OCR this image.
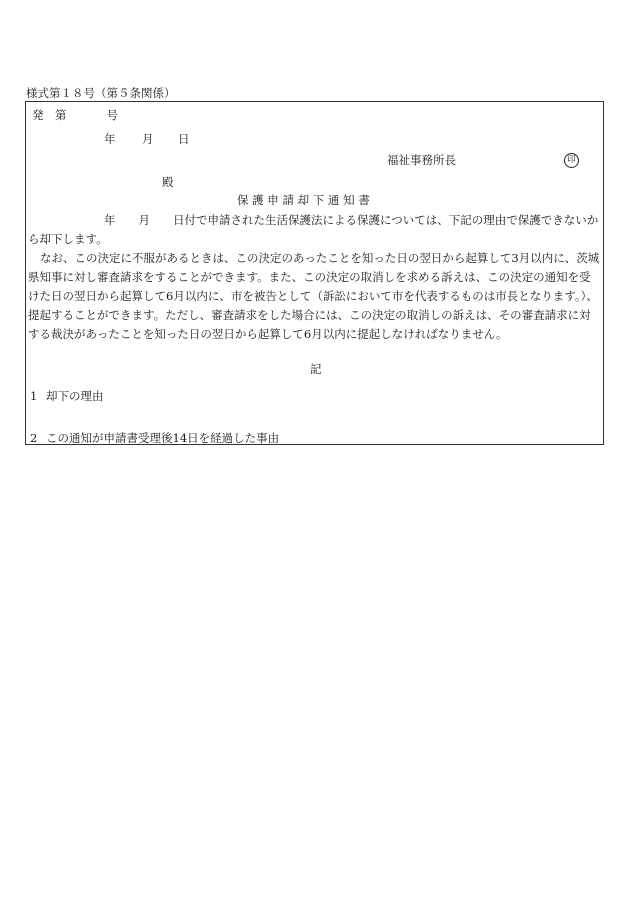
様式第１８号（第５条関係）
発　第	号
年 月 日
福祉事務所長	印
殿
保 護 申 請 却 下 通 知 書

年　　月　　日付で申請された生活保護法による保護については、下記の理由で保護できないから却下します。

なお、この決定に不服があるときは、この決定のあったことを知った日の翌日から起算して3月以内に、茨城県知事に対し審査請求をすることができます。また、この決定の取消しを求める訴えは、この決定の通知を受けた日の翌日から起算して6月以内に、市を被告として（訴訟において市を代表するものは市長となります。）、提起することができます。ただし、審査請求をした場合には、この決定の取消しの訴えは、その審査請求に対する裁決があったことを知った日の翌日から起算して6月以内に提起しなければなりません。

記
1 却下の理由
2 この通知が申請書受理後14日を経過した事由
